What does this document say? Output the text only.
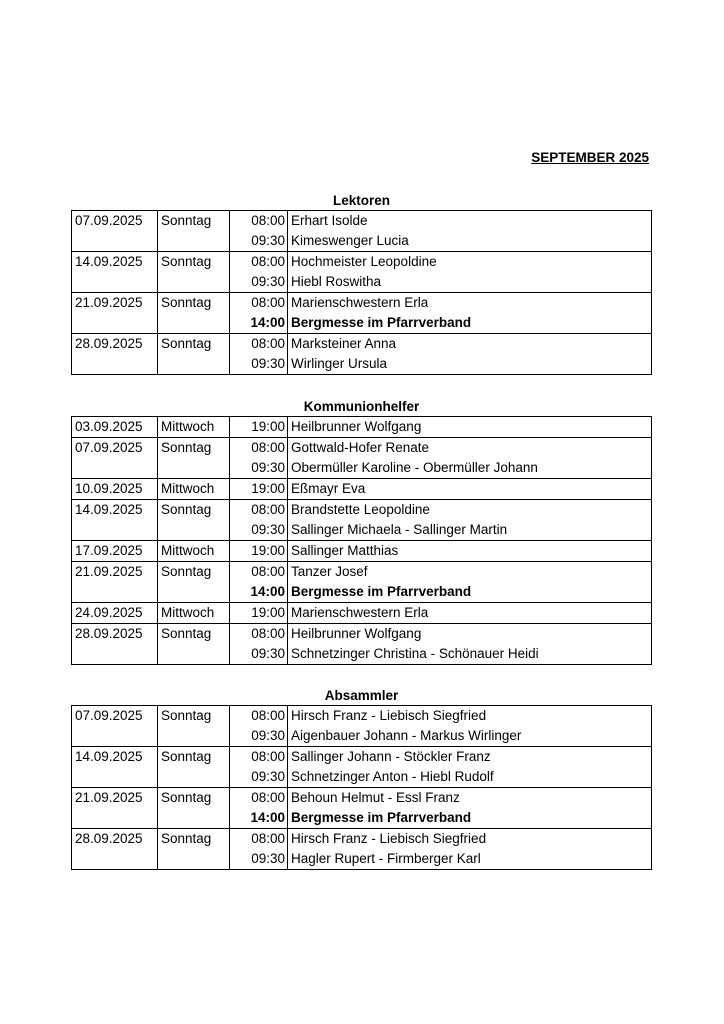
SEPTEMBER 2025
Lektoren
07.09.2025	Sonntag	08:00	Erhart Isolde
		09:30	Kimeswenger Lucia
14.09.2025	Sonntag	08:00	Hochmeister Leopoldine
		09:30	Hiebl Roswitha
21.09.2025	Sonntag	08:00	Marienschwestern Erla
		14:00	Bergmesse im Pfarrverband
28.09.2025	Sonntag	08:00	Marksteiner Anna
		09:30	Wirlinger Ursula
Kommunionhelfer
03.09.2025	Mittwoch	19:00	Heilbrunner Wolfgang
07.09.2025	Sonntag	08:00	Gottwald-Hofer Renate
		09:30	Obermüller Karoline - Obermüller Johann
10.09.2025	Mittwoch	19:00	Eßmayr Eva
14.09.2025	Sonntag	08:00	Brandstette Leopoldine
		09:30	Sallinger Michaela - Sallinger Martin
17.09.2025	Mittwoch	19:00	Sallinger Matthias
21.09.2025	Sonntag	08:00	Tanzer Josef
		14:00	Bergmesse im Pfarrverband
24.09.2025	Mittwoch	19:00	Marienschwestern Erla
28.09.2025	Sonntag	08:00	Heilbrunner Wolfgang
		09:30	Schnetzinger Christina - Schönauer Heidi
Absammler
07.09.2025	Sonntag	08:00	Hirsch Franz - Liebisch Siegfried
		09:30	Aigenbauer Johann - Markus Wirlinger
14.09.2025	Sonntag	08:00	Sallinger Johann - Stöckler Franz
		09:30	Schnetzinger Anton - Hiebl Rudolf
21.09.2025	Sonntag	08:00	Behoun Helmut - Essl Franz
		14:00	Bergmesse im Pfarrverband
28.09.2025	Sonntag	08:00	Hirsch Franz - Liebisch Siegfried
		09:30	Hagler Rupert - Firmberger Karl
